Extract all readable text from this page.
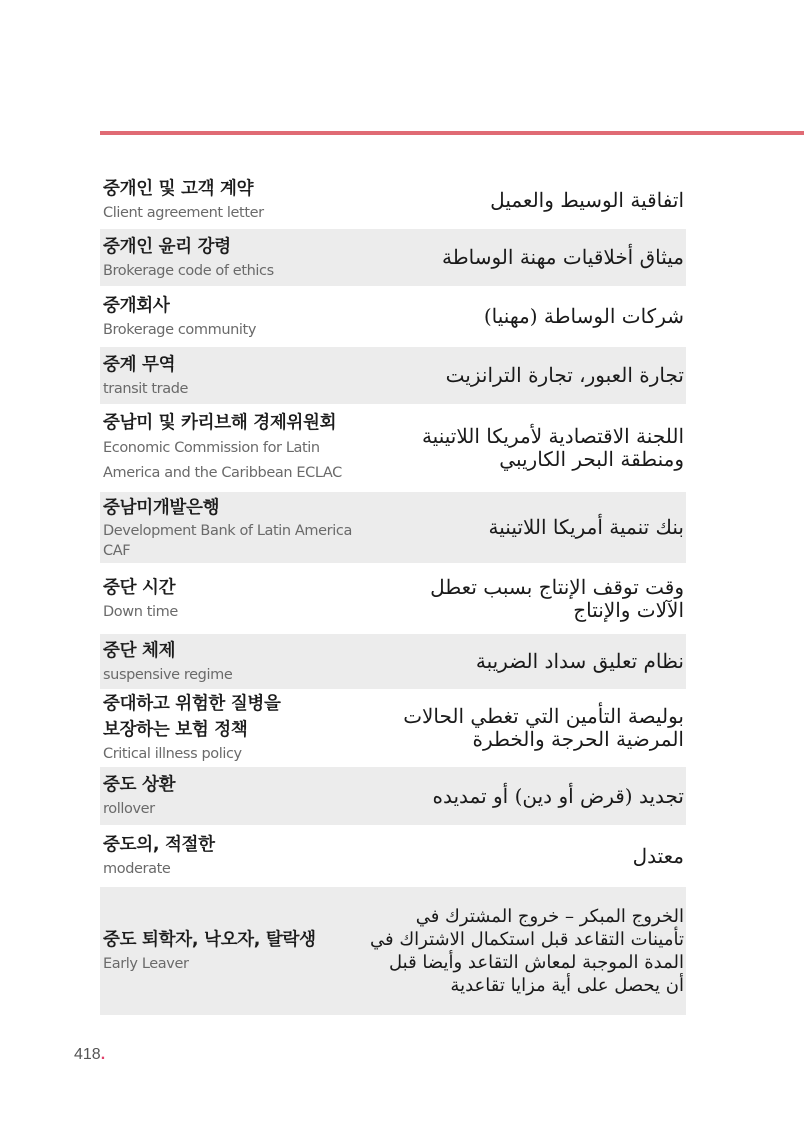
중개인 및 고객 계약
Client agreement letter
اتفاقية الوسيط والعميل
중개인 윤리 강령
Brokerage code of ethics
ميثاق أخلاقيات مهنة الوساطة
중개회사
Brokerage community
شركات الوساطة (مهنيا)
중계 무역
transit trade
تجارة العبور، تجارة الترانزيت
중남미 및 카리브해 경제위원회
Economic Commission for Latin
America and the Caribbean ECLAC
اللجنة الاقتصادية لأمريكا اللاتينية
ومنطقة البحر الكاريبي
중남미개발은행
Development Bank of Latin America
CAF
بنك تنمية أمريكا اللاتينية
중단 시간
Down time
وقت توقف الإنتاج بسبب تعطل
الآلات والإنتاج
중단 체제
suspensive regime
نظام تعليق سداد الضريبة
중대하고 위험한 질병을
보장하는 보험 정책
Critical illness policy
بوليصة التأمين التي تغطي الحالات
المرضية الحرجة والخطرة
중도 상환
rollover
تجديد (قرض أو دين) أو تمديده
중도의, 적절한
moderate
معتدل
중도 퇴학자, 낙오자, 탈락생
Early Leaver
الخروج المبكر – خروج المشترك في
تأمينات التقاعد قبل استكمال الاشتراك في
المدة الموجبة لمعاش التقاعد وأيضا قبل
أن يحصل على أية مزايا تقاعدية
418.
